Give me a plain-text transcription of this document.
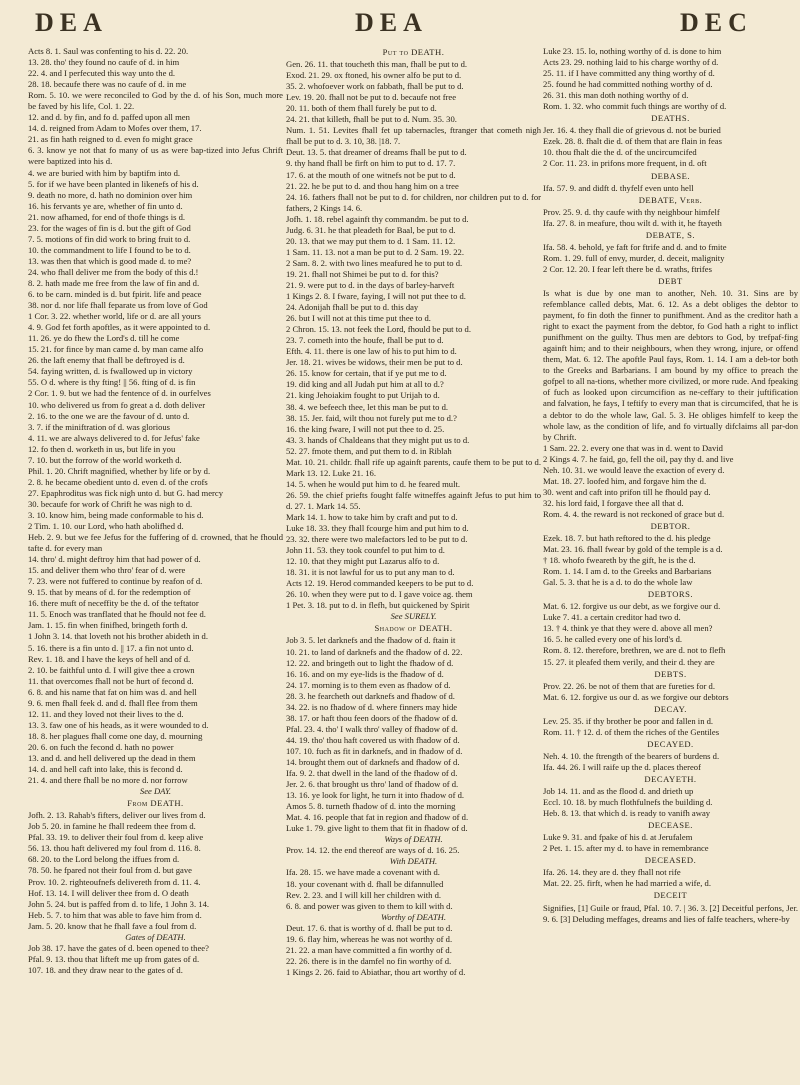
DEA	DEA	DEC

Acts 8. 1. Saul was confenting to his d. 22. 20.

13. 28. tho' they found no caufe of d. in him

22. 4. and I perfecuted this way unto the d.

28. 18. becaufe there was no caufe of d. in me

Rom. 5. 10. we were reconciled to God by the d. of his Son, much more be faved by his life, Col. 1. 22.

12. and d. by fin, and fo d. paffed upon all men

14. d. reigned from Adam to Mofes over them, 17.

21. as fin hath reigned to d. even fo might grace

6. 3. know ye not that fo many of us as were bap-tized into Jefus Chrift were baptized into his d.

4. we are buried with him by baptifm into d.

5. for if we have been planted in likenefs of his d.

9. death no more, d. hath no dominion over him

16. his fervants ye are, whether of fin unto d.

21. now afhamed, for end of thofe things is d.

23. for the wages of fin is d. but the gift of God

7. 5. motions of fin did work to bring fruit to d.

10. the commandment to life I found to be to d.

13. was then that which is good made d. to me?

24. who fhall deliver me from the body of this d.!

8. 2. hath made me free from the law of fin and d.

6. to be carn. minded is d. but fpirit. life and peace

38. nor d. nor life fhall feparate us from love of God

1 Cor. 3. 22. whether world, life or d. are all yours

4. 9. God fet forth apoftles, as it were appointed to d.

11. 26. ye do fhew the Lord's d. till he come

15. 21. for fince by man came d. by man came alfo

26. the laft enemy that fhall be deftroyed is d.

54. faying written, d. is fwallowed up in victory

55. O d. where is thy fting! || 56. fting of d. is fin

2 Cor. 1. 9. but we had the fentence of d. in ourfelves

10. who delivered us from fo great a d. doth deliver

2. 16. to the one we are the favour of d. unto d.

3. 7. if the miniftration of d. was glorious

4. 11. we are always delivered to d. for Jefus' fake

12. fo then d. worketh in us, but life in you

7. 10. but the forrow of the world worketh d.

Phil. 1. 20. Chrift magnified, whether by life or by d.

2. 8. he became obedient unto d. even d. of the crofs

27. Epaphroditus was fick nigh unto d. but G. had mercy

30. becaufe for work of Chrift he was nigh to d.

3. 10. know him, being made conformable to his d.

2 Tim. 1. 10. our Lord, who hath abolifhed d.

Heb. 2. 9. but we fee Jefus for the fuffering of d. crowned, that he fhould tafte d. for every man

14. thro' d. might deftroy him that had power of d.

15. and deliver them who thro' fear of d. were

7. 23. were not fuffered to continue by reafon of d.

9. 15. that by means of d. for the redemption of

16. there muft of neceffity be the d. of the teftator

11. 5. Enoch was tranflated that he fhould not fee d.

Jam. 1. 15. fin when finifhed, bringeth forth d.

1 John 3. 14. that loveth not his brother abideth in d.

5. 16. there is a fin unto d. || 17. a fin not unto d.

Rev. 1. 18. and I have the keys of hell and of d.

2. 10. be faithful unto d. I will give thee a crown

11. that overcomes fhall not be hurt of fecond d.

6. 8. and his name that fat on him was d. and hell

9. 6. men fhall feek d. and d. fhall flee from them

12. 11. and they loved not their lives to the d.

13. 3. faw one of his heads, as it were wounded to d.

18. 8. her plagues fhall come one day, d. mourning

20. 6. on fuch the fecond d. hath no power

13. and d. and hell delivered up the dead in them

14. d. and hell caft into lake, this is fecond d.

21. 4. and there fhall be no more d. nor forrow

See DAY.

From DEATH.

Jofh. 2. 13. Rahab's fifters, deliver our lives from d.

Job 5. 20. in famine he fhall redeem thee from d.

Pfal. 33. 19. to deliver their foul from d. keep alive

56. 13. thou haft delivered my foul from d. 116. 8.

68. 20. to the Lord belong the iffues from d.

78. 50. he fpared not their foul from d. but gave

Prov. 10. 2. righteoufnefs delivereth from d. 11. 4.

Hof. 13. 14. I will deliver thee from d. O death

John 5. 24. but is paffed from d. to life, 1 John 3. 14.

Heb. 5. 7. to him that was able to fave him from d.

Jam. 5. 20. know that he fhall fave a foul from d.

Gates of DEATH.

Job 38. 17. have the gates of d. been opened to thee?

Pfal. 9. 13. thou that lifteft me up from gates of d.

107. 18. and they draw near to the gates of d.

Put to DEATH.

Gen. 26. 11. that toucheth this man, fhall be put to d.

Exod. 21. 29. ox ftoned, his owner alfo be put to d.

35. 2. whofoever work on fabbath, fhall be put to d.

Lev. 19. 20. fhall not be put to d. becaufe not free

20. 11. both of them fhall furely be put to d.

24. 21. that killeth, fhall be put to d. Num. 35. 30.

Num. 1. 51. Levites fhall fet up tabernacles, ftranger that cometh nigh fhall be put to d. 3. 10, 38. |18. 7.

Deut. 13. 5. that dreamer of dreams fhall be put to d.

9. thy hand fhall be firft on him to put to d. 17. 7.

17. 6. at the mouth of one witnefs not be put to d.

21. 22. he be put to d. and thou hang him on a tree

24. 16. fathers fhall not be put to d. for children, nor children put to d. for fathers, 2 Kings 14. 6.

Jofh. 1. 18. rebel againft thy commandm. be put to d.

Judg. 6. 31. he that pleadeth for Baal, be put to d.

20. 13. that we may put them to d. 1 Sam. 11. 12.

1 Sam. 11. 13. not a man be put to d. 2 Sam. 19. 22.

2 Sam. 8. 2. with two lines meafured he to put to d.

19. 21. fhall not Shimei be put to d. for this?

21. 9. were put to d. in the days of barley-harveft

1 Kings 2. 8. I fware, faying, I will not put thee to d.

24. Adonijah fhall be put to d. this day

26. but I will not at this time put thee to d.

2 Chron. 15. 13. not feek the Lord, fhould be put to d.

23. 7. cometh into the houfe, fhall be put to d.

Efth. 4. 11. there is one law of his to put him to d.

Jer. 18. 21. wives be widows, their men be put to d.

26. 15. know for certain, that if ye put me to d.

19. did king and all Judah put him at all to d.?

21. king Jehoiakim fought to put Urijah to d.

38. 4. we befeech thee, let this man be put to d.

38. 15. Jer. faid, wilt thou not furely put me to d.?

16. the king fware, I will not put thee to d. 25.

43. 3. hands of Chaldeans that they might put us to d.

52. 27. fmote them, and put them to d. in Riblah

Mat. 10. 21. childr. fhall rife up againft parents, caufe them to be put to d. Mark 13. 12. Luke 21. 16.

14. 5. when he would put him to d. he feared mult.

26. 59. the chief priefts fought falfe witneffes againft Jefus to put him to d. 27. 1. Mark 14. 55.

Mark 14. 1. how to take him by craft and put to d.

Luke 18. 33. they fhall fcourge him and put him to d.

23. 32. there were two malefactors led to be put to d.

John 11. 53. they took counfel to put him to d.

12. 10. that they might put Lazarus alfo to d.

18. 31. it is not lawful for us to put any man to d.

Acts 12. 19. Herod commanded keepers to be put to d.

26. 10. when they were put to d. I gave voice ag. them

1 Pet. 3. 18. put to d. in flefh, but quickened by Spirit

See SURELY.

Shadow of DEATH.

Job 3. 5. let darknefs and the fhadow of d. ftain it

10. 21. to land of darknefs and the fhadow of d. 22.

12. 22. and bringeth out to light the fhadow of d.

16. 16. and on my eye-lids is the fhadow of d.

24. 17. morning is to them even as fhadow of d.

28. 3. he fearcheth out darknefs and fhadow of d.

34. 22. is no fhadow of d. where finners may hide

38. 17. or haft thou feen doors of the fhadow of d.

Pfal. 23. 4. tho' I walk thro' valley of fhadow of d.

44. 19. tho' thou haft covered us with fhadow of d.

107. 10. fuch as fit in darknefs, and in fhadow of d.

14. brought them out of darknefs and fhadow of d.

Ifa. 9. 2. that dwell in the land of the fhadow of d.

Jer. 2. 6. that brought us thro' land of fhadow of d.

13. 16. ye look for light, he turn it into fhadow of d.

Amos 5. 8. turneth fhadow of d. into the morning

Mat. 4. 16. people that fat in region and fhadow of d.

Luke 1. 79. give light to them that fit in fhadow of d.

Ways of DEATH.

Prov. 14. 12. the end thereof are ways of d. 16. 25.

With DEATH.

Ifa. 28. 15. we have made a covenant with d.

18. your covenant with d. fhall be difannulled

Rev. 2. 23. and I will kill her children with d.

6. 8. and power was given to them to kill with d.

Worthy of DEATH.

Deut. 17. 6. that is worthy of d. fhall be put to d.

19. 6. flay him, whereas he was not worthy of d.

21. 22. a man have committed a fin worthy of d.

22. 26. there is in the damfel no fin worthy of d.

1 Kings 2. 26. faid to Abiathar, thou art worthy of d.

Luke 23. 15. lo, nothing worthy of d. is done to him

Acts 23. 29. nothing laid to his charge worthy of d.

25. 11. if I have committed any thing worthy of d.

25. found he had committed nothing worthy of d.

26. 31. this man doth nothing worthy of d.

Rom. 1. 32. who commit fuch things are worthy of d.

DEATHS.

Jer. 16. 4. they fhall die of grievous d. not be buried

Ezek. 28. 8. fhalt die d. of them that are flain in feas

10. thou fhalt die the d. of the uncircumcifed

2 Cor. 11. 23. in prifons more frequent, in d. oft

DEBASE.

Ifa. 57. 9. and didft d. thyfelf even unto hell

DEBATE, Verb.

Prov. 25. 9. d. thy caufe with thy neighbour himfelf

Ifa. 27. 8. in meafure, thou wilt d. with it, he ftayeth

DEBATE, S.

Ifa. 58. 4. behold, ye faft for ftrife and d. and to fmite

Rom. 1. 29. full of envy, murder, d. deceit, malignity

2 Cor. 12. 20. I fear left there be d. wraths, ftrifes

DEBT

Is what is due by one man to another, Neh. 10. 31. Sins are by refemblance called debts, Mat. 6. 12. As a debt obliges the debtor to payment, fo fin doth the finner to punifhment. And as the creditor hath a right to exact the payment from the debtor, fo God hath a right to inflict punifhment on the guilty. Thus men are debtors to God, by trefpaf-fing againft him; and to their neighbours, when they wrong, injure, or offend them, Mat. 6. 12. The apoftle Paul fays, Rom. 1. 14. I am a deb-tor both to the Greeks and Barbarians. I am bound by my office to preach the gofpel to all na-tions, whether more civilized, or more rude. And fpeaking of fuch as looked upon circumcifion as ne-ceffary to their juftification and falvation, he fays, I teftify to every man that is circumcifed, that he is a debtor to do the whole law, Gal. 5. 3. He obliges himfelf to keep the whole law, as the condition of life, and fo virtually difclaims all par-don by Chrift.

1 Sam. 22. 2. every one that was in d. went to David

2 Kings 4. 7. he faid, go, fell the oil, pay thy d. and live

Neh. 10. 31. we would leave the exaction of every d.

Mat. 18. 27. loofed him, and forgave him the d.

30. went and caft into prifon till he fhould pay d.

32. his lord faid, I forgave thee all that d.

Rom. 4. 4. the reward is not reckoned of grace but d.

DEBTOR.

Ezek. 18. 7. but hath reftored to the d. his pledge

Mat. 23. 16. fhall fwear by gold of the temple is a d.

† 18. whofo fweareth by the gift, he is the d.

Rom. 1. 14. I am d. to the Greeks and Barbarians

Gal. 5. 3. that he is a d. to do the whole law

DEBTORS.

Mat. 6. 12. forgive us our debt, as we forgive our d.

Luke 7. 41. a certain creditor had two d.

13. † 4. think ye that they were d. above all men?

16. 5. he called every one of his lord's d.

Rom. 8. 12. therefore, brethren, we are d. not to flefh

15. 27. it pleafed them verily, and their d. they are

DEBTS.

Prov. 22. 26. be not of them that are fureties for d.

Mat. 6. 12. forgive us our d. as we forgive our debtors

DECAY.

Lev. 25. 35. if thy brother be poor and fallen in d.

Rom. 11. † 12. d. of them the riches of the Gentiles

DECAYED.

Neh. 4. 10. the ftrength of the bearers of burdens d.

Ifa. 44. 26. I will raife up the d. places thereof

DECAYETH.

Job 14. 11. and as the flood d. and drieth up

Eccl. 10. 18. by much flothfulnefs the building d.

Heb. 8. 13. that which d. is ready to vanifh away

DECEASE.

Luke 9. 31. and fpake of his d. at Jerufalem

2 Pet. 1. 15. after my d. to have in remembrance

DECEASED.

Ifa. 26. 14. they are d. they fhall not rife

Mat. 22. 25. firft, when he had married a wife, d.

DECEIT

Signifies, [1] Guile or fraud, Pfal. 10. 7. | 36. 3. [2] Deceitful perfons, Jer. 9. 6. [3] Deluding meffages, dreams and lies of falfe teachers, where-by
